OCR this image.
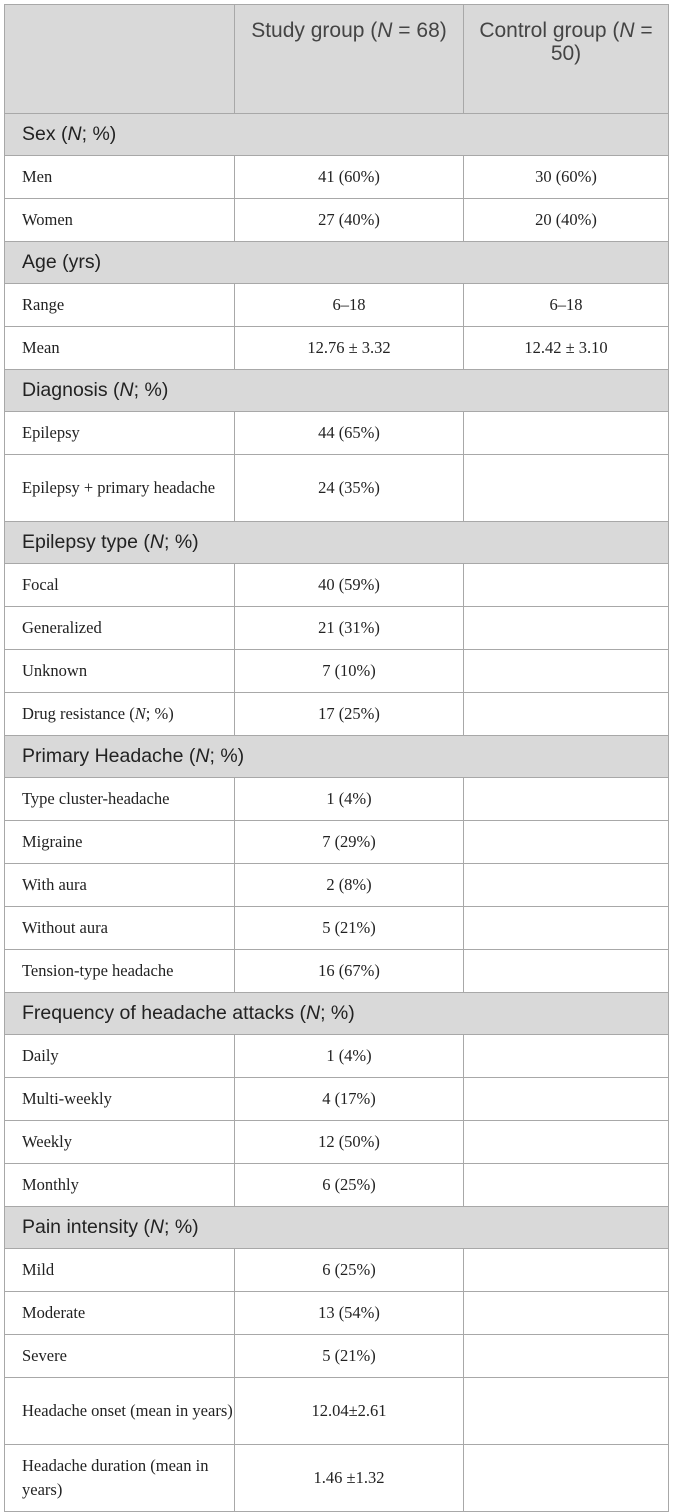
	Study group (N = 68)	Control group (N = 50)
Sex (N; %)		
Men	41 (60%)	30 (60%)
Women	27 (40%)	20 (40%)
Age (yrs)		
Range	6–18	6–18
Mean	12.76 ± 3.32	12.42 ± 3.10
Diagnosis (N; %)		
Epilepsy	44 (65%)	
Epilepsy + primary headache	24 (35%)	
Epilepsy type (N; %)		
Focal	40 (59%)	
Generalized	21 (31%)	
Unknown	7 (10%)	
Drug resistance (N; %)	17 (25%)	
Primary Headache (N; %)		
Type cluster-headache	1 (4%)	
Migraine	7 (29%)	
With aura	2 (8%)	
Without aura	5 (21%)	
Tension-type headache	16 (67%)	
Frequency of headache attacks (N; %)		
Daily	1 (4%)	
Multi-weekly	4 (17%)	
Weekly	12 (50%)	
Monthly	6 (25%)	
Pain intensity (N; %)		
Mild	6 (25%)	
Moderate	13 (54%)	
Severe	5 (21%)	
Headache onset (mean in years)	12.04±2.61	
Headache duration (mean in years)	1.46 ±1.32	
